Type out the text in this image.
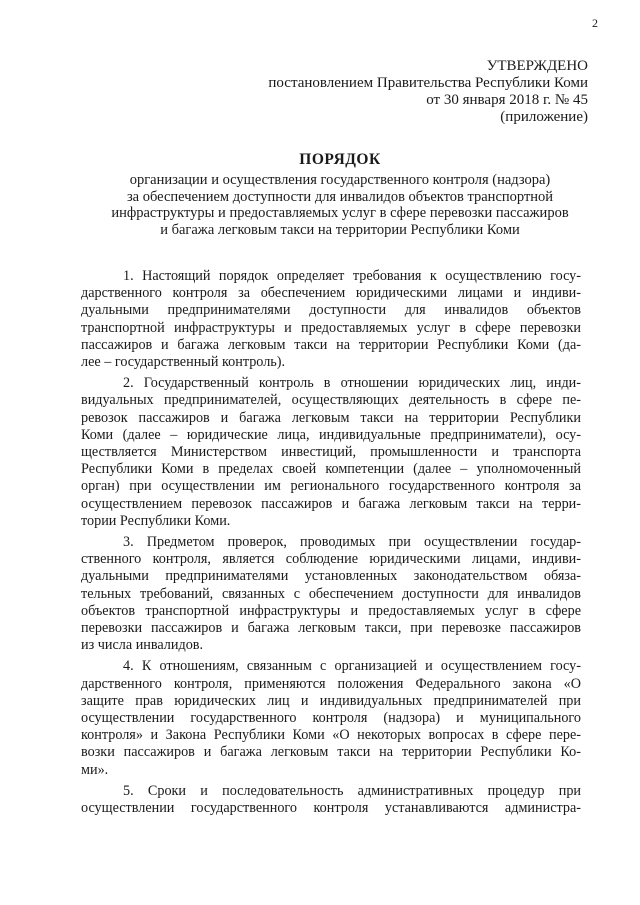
2
УТВЕРЖДЕНО
постановлением Правительства Республики Коми
от 30 января 2018 г. № 45
(приложение)
ПОРЯДОК
организации и осуществления государственного контроля (надзора)
за обеспечением доступности для инвалидов объектов транспортной
инфраструктуры и предоставляемых услуг в сфере перевозки пассажиров
и багажа легковым такси на территории Республики Коми
1. Настоящий порядок определяет требования к осуществлению госу-
дарственного контроля за обеспечением юридическими лицами и индиви-
дуальными предпринимателями доступности для инвалидов объектов
транспортной инфраструктуры и предоставляемых услуг в сфере перевозки
пассажиров и багажа легковым такси на территории Республики Коми (да-
лее – государственный контроль).
2. Государственный контроль в отношении юридических лиц, инди-
видуальных предпринимателей, осуществляющих деятельность в сфере пе-
ревозок пассажиров и багажа легковым такси на территории Республики
Коми (далее – юридические лица, индивидуальные предприниматели), осу-
ществляется Министерством инвестиций, промышленности и транспорта
Республики Коми в пределах своей компетенции (далее – уполномоченный
орган) при осуществлении им регионального государственного контроля за
осуществлением перевозок пассажиров и багажа легковым такси на терри-
тории Республики Коми.
3. Предметом проверок, проводимых при осуществлении государ-
ственного контроля, является соблюдение юридическими лицами, индиви-
дуальными предпринимателями установленных законодательством обяза-
тельных требований, связанных с обеспечением доступности для инвалидов
объектов транспортной инфраструктуры и предоставляемых услуг в сфере
перевозки пассажиров и багажа легковым такси, при перевозке пассажиров
из числа инвалидов.
4. К отношениям, связанным с организацией и осуществлением госу-
дарственного контроля, применяются положения Федерального закона «О
защите прав юридических лиц и индивидуальных предпринимателей при
осуществлении государственного контроля (надзора) и муниципального
контроля» и Закона Республики Коми «О некоторых вопросах в сфере пере-
возки пассажиров и багажа легковым такси на территории Республики Ко-
ми».
5. Сроки и последовательность административных процедур при
осуществлении государственного контроля устанавливаются администра-
